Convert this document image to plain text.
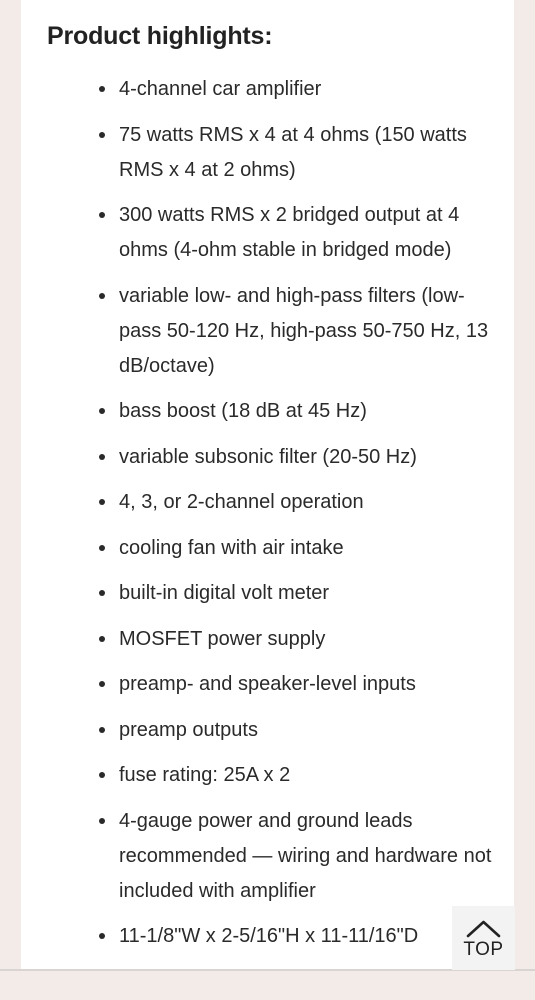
Product highlights:
4-channel car amplifier
75 watts RMS x 4 at 4 ohms (150 watts RMS x 4 at 2 ohms)
300 watts RMS x 2 bridged output at 4 ohms (4-ohm stable in bridged mode)
variable low- and high-pass filters (low-pass 50-120 Hz, high-pass 50-750 Hz, 13 dB/octave)
bass boost (18 dB at 45 Hz)
variable subsonic filter (20-50 Hz)
4, 3, or 2-channel operation
cooling fan with air intake
built-in digital volt meter
MOSFET power supply
preamp- and speaker-level inputs
preamp outputs
fuse rating: 25A x 2
4-gauge power and ground leads recommended — wiring and hardware not included with amplifier
11-1/8"W x 2-5/16"H x 11-11/16"D
TOP
